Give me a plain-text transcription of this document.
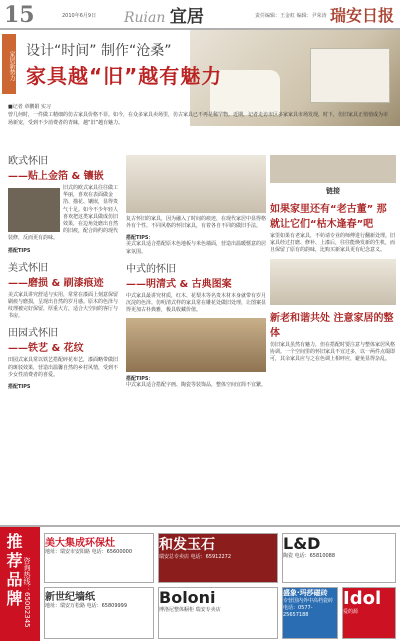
15	2010年6月9日 Ruian 宜居	责任编辑：王金虹 编辑：尹荣涛 瑞安日报
家居新势力 设计“时间” 制作“沧桑”
家具越“旧”越有魅力
■记者 章鹏娟 实习
曾几何时，一件做工精细的仿古家具价格不菲。如今，在众多家具卖场里，仿古家具已不再是稀罕物。近期，记者走访市区多家家具市场发现，时下，仿旧家具正悄悄成为市场新宠，受到不少消费者的青睐，越“旧”越有魅力。
欧式怀旧
——贴上金箔 & 镶嵌
旧式的欧式家具往往做工华丽，喜欢在表面做金箔、描花、镶嵌，显得贵气十足。如今不少年轻人喜欢把这类家具做成仿旧效果，在边角处磨出自然的旧痕，配合简约的现代装修，反而更有韵味。
搭配TIPS
美式怀旧
——磨损 & 刷漆痕迹
美式家具讲究舒适与实用，常常在漆面上刻意保留刷痕与磨损，呈现出自然的岁月感。原木的色泽与纹理被完好保留，厚重大方，适合大空间的客厅与书房。
田园式怀旧
——铁艺 & 花纹
田园式家具常以铁艺搭配碎花布艺，漆面略带做旧的斑驳效果，营造出温馨自然的乡村风情，受到不少女性消费者的喜爱。
搭配TIPS
复古怀旧的家具，因为融入了时间的痕迹，在现代家居中显得格外有个性。不同风格的怀旧家具，有着各自不同的做旧手法。
搭配TIPS：
美式家具适合搭配原木色地板与米色墙面，营造出温暖惬意的居家氛围。
中式的怀旧
——明清式 & 古典图案
中式家具最讲究材质，红木、花梨木等名贵木材本身就带有岁月沉淀的色泽。仿明清式样的家具常在雕花处做旧处理，让图案显得更加古朴典雅，极具收藏价值。
搭配TIPS：
中式家具适合搭配字画、陶瓷等装饰品，整体空间宜简不宜繁。
链接
如果家里还有“老古董” 那就让它们“枯木逢春”吧
家里如果有老家具，不妨请专业的师傅进行翻新处理。旧家具经过打磨、修补、上漆后，往往能焕发新的生机，而且保留了原有的韵味，比购买新家具更有纪念意义。
新老和谐共处 注意家居的整体
仿旧家具虽然有魅力，但在搭配时要注意与整体家居风格协调。一个空间里的怀旧家具不宜过多，以一两件点缀即可，其余家具应与之在色调上相呼应，避免显得杂乱。
推荐品牌 咨询热线：65002345
美大集成环保灶
地址：瑞安市安阳路 电话：65600000	和发玉石
瑞安总专卖店 电话：65912272
L&D
陶瓷 电话：65810088
新世纪墙纸
地址：瑞安万松路 电话：65809999	Boloni
博洛尼整体橱柜 瑞安专卖店
盛象·玛莎磁砖
专营国内外中高档瓷砖 电话：0577-25657188
Idol
爱的源
